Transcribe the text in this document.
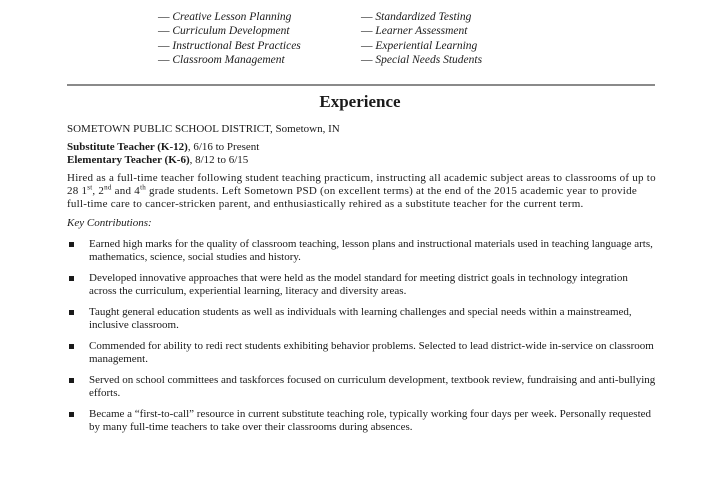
— Creative Lesson Planning
— Curriculum Development
— Instructional Best Practices
— Classroom Management
— Standardized Testing
— Learner Assessment
— Experiential Learning
— Special Needs Students
Experience

SOMETOWN PUBLIC SCHOOL DISTRICT, Sometown, IN

Substitute Teacher (K-12), 6/16 to Present

Elementary Teacher (K-6), 8/12 to 6/15

Hired as a full-time teacher following student teaching practicum, instructing all academic subject areas to classrooms of up to 28 1st, 2nd and 4th grade students. Left Sometown PSD (on excellent terms) at the end of the 2015 academic year to provide full-time care to cancer-stricken parent, and enthusiastically rehired as a substitute teacher for the current term.

Key Contributions:

Earned high marks for the quality of classroom teaching, lesson plans and instructional materials used in teaching language arts, mathematics, science, social studies and history.
Developed innovative approaches that were held as the model standard for meeting district goals in technology integration across the curriculum, experiential learning, literacy and diversity areas.
Taught general education students as well as individuals with learning challenges and special needs within a mainstreamed, inclusive classroom.
Commended for ability to redi rect students exhibiting behavior problems. Selected to lead district-wide in-service on classroom management.
Served on school committees and taskforces focused on curriculum development, textbook review, fundraising and anti-bullying efforts.
Became a “first-to-call” resource in current substitute teaching role, typically working four days per week. Personally requested by many full-time teachers to take over their classrooms during absences.
